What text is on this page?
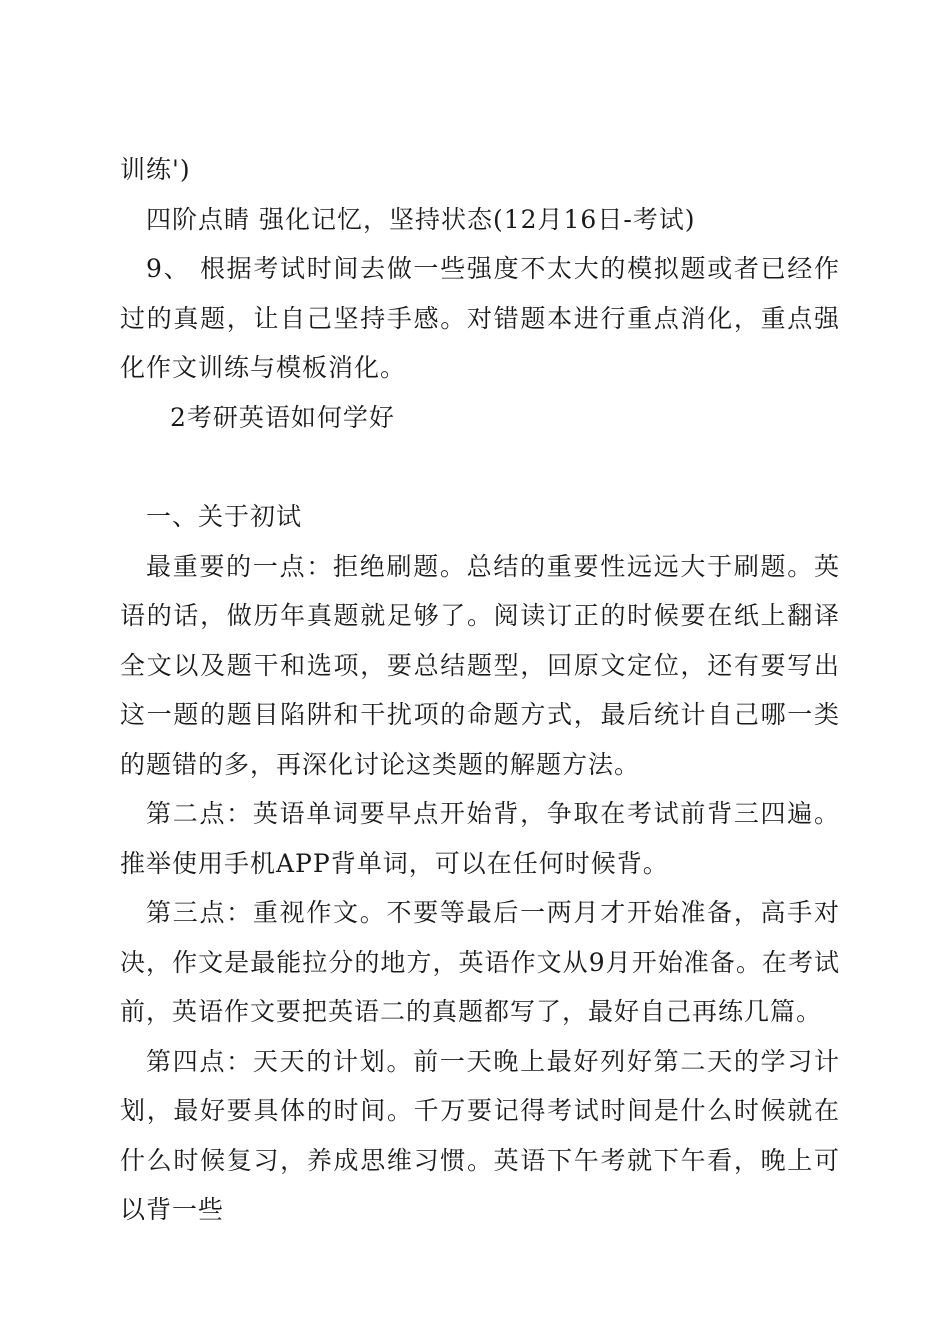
训练')

四阶点睛 强化记忆，坚持状态(12月16日-考试)

9、 根据考试时间去做一些强度不太大的模拟题或者已经作过的真题，让自己坚持手感。对错题本进行重点消化，重点强化作文训练与模板消化。

2考研英语如何学好

一、关于初试

最重要的一点：拒绝刷题。总结的重要性远远大于刷题。英语的话，做历年真题就足够了。阅读订正的时候要在纸上翻译全文以及题干和选项，要总结题型，回原文定位，还有要写出这一题的题目陷阱和干扰项的命题方式，最后统计自己哪一类的题错的多，再深化讨论这类题的解题方法。

第二点：英语单词要早点开始背，争取在考试前背三四遍。推举使用手机APP背单词，可以在任何时候背。

第三点：重视作文。不要等最后一两月才开始准备，高手对决，作文是最能拉分的地方，英语作文从9月开始准备。在考试前，英语作文要把英语二的真题都写了，最好自己再练几篇。

第四点：天天的计划。前一天晚上最好列好第二天的学习计划，最好要具体的时间。千万要记得考试时间是什么时候就在什么时候复习，养成思维习惯。英语下午考就下午看，晚上可以背一些
